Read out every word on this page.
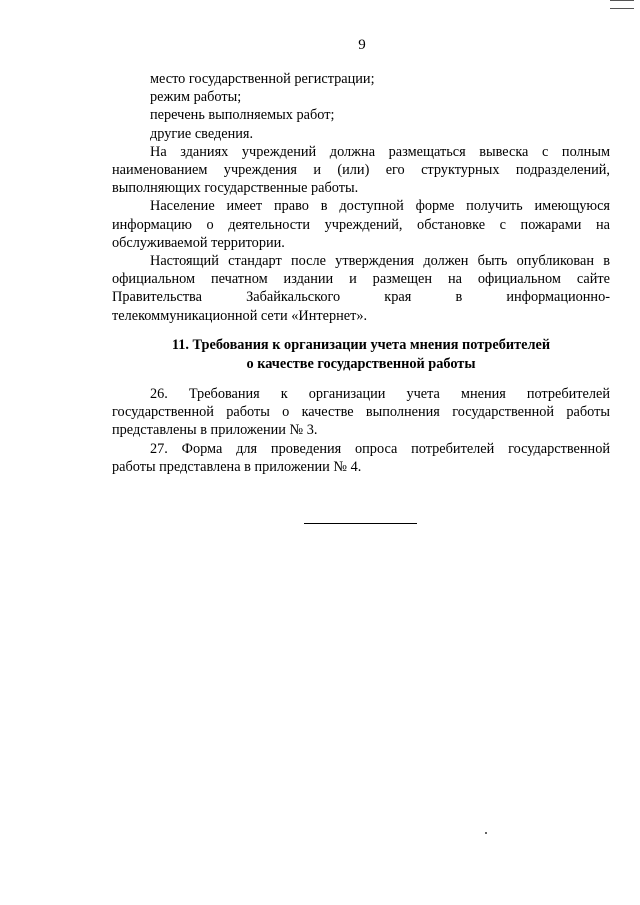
9
место государственной регистрации;
режим работы;
перечень выполняемых работ;
другие сведения.
На зданиях учреждений должна размещаться вывеска с полным
наименованием учреждения и (или) его структурных подразделений,
выполняющих государственные работы.
Население имеет право в доступной форме получить имеющуюся
информацию о деятельности учреждений, обстановке с пожарами на
обслуживаемой территории.
Настоящий стандарт после утверждения должен быть опубликован в
официальном печатном издании и размещен на официальном сайте
Правительства Забайкальского края в информационно-
телекоммуникационной сети «Интернет».
11. Требования к организации учета мнения потребителей
о качестве государственной работы
26. Требования к организации учета мнения потребителей
государственной работы о качестве выполнения государственной работы
представлены в приложении № 3.
27. Форма для проведения опроса потребителей государственной
работы представлена в приложении № 4.
